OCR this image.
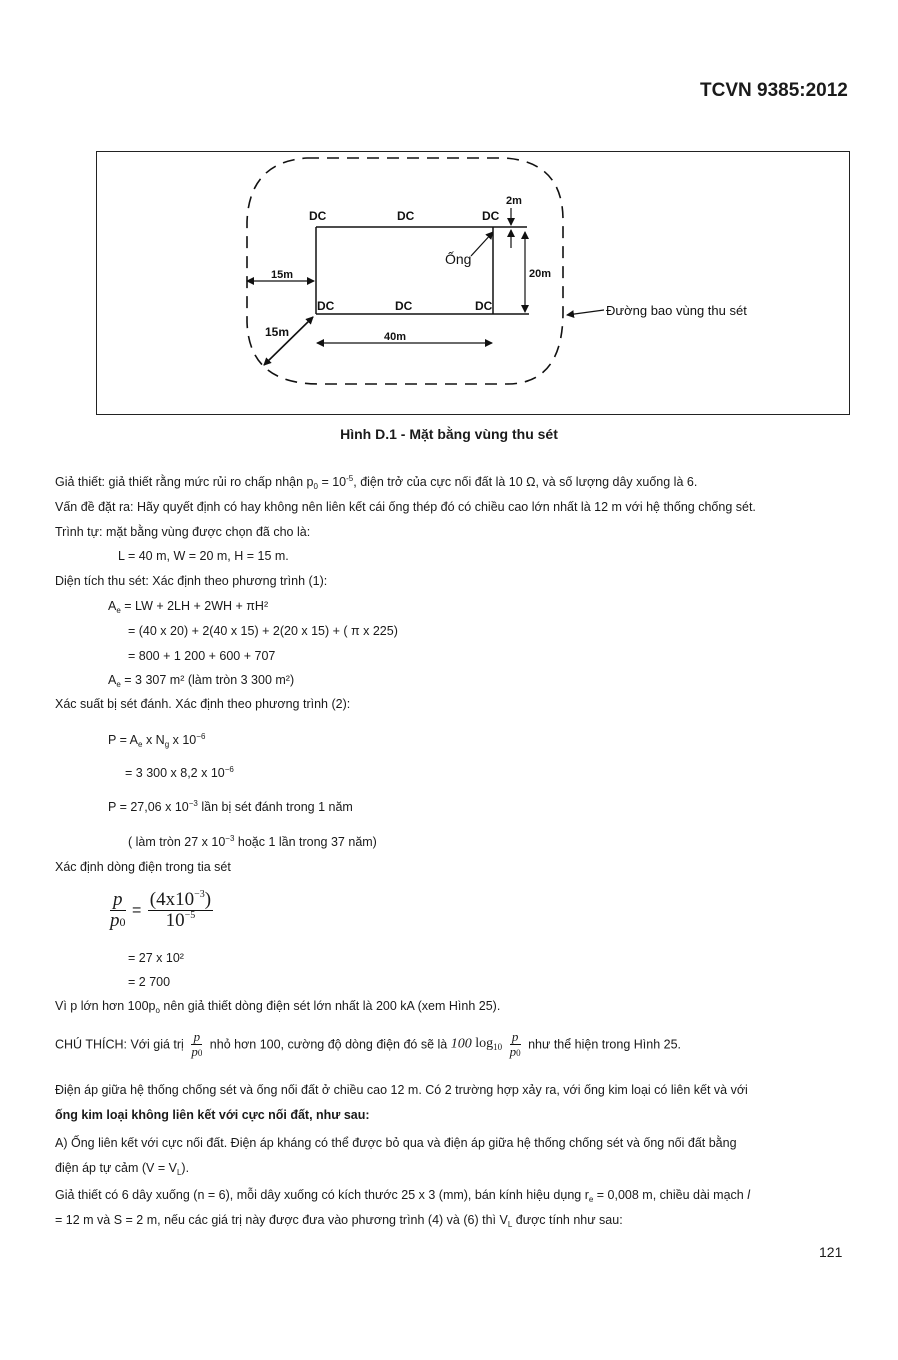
TCVN 9385:2012
DC	DC	DC
DC	DC	DC
Ống
2m
20m
15m
15m	40m
Đường bao vùng thu sét
Hình D.1 - Mặt bằng vùng thu sét
Giả thiết: giả thiết rằng mức rủi ro chấp nhận $p_0 = 10^{-5}$, điện trở của cực nối đất là 10 Ω, và số lượng dây xuống là 6.
Vấn đề đặt ra: Hãy quyết định có hay không nên liên kết cái ống thép đó có chiều cao lớn nhất là 12 m với hệ thống chống sét.
Trình tự: mặt bằng vùng được chọn đã cho là:
L = 40 m, W = 20 m, H = 15 m.
Diện tích thu sét: Xác định theo phương trình (1):
$A_e$ = LW + 2LH + 2WH + πH²
= (40 x 20) + 2(40 x 15) + 2(20 x 15) + ( π x 225)
= 800 + 1 200 + 600 + 707
$A_e = 3$ 307 m² (làm tròn 3 300 m²)
Xác suất bị sét đánh. Xác định theo phương trình (2):
$P = A_e$ x $N_g$ x $10^{-6}$
= 3 300 x 8,2 x $10^{-6}$
P = 27,06 x $10^{-3}$ lần bị sét đánh trong 1 năm
( làm tròn 27 x $10^{-3}$ hoặc 1 lần trong 37 năm)
Xác định dòng điện trong tia sét
$\frac{p}{p0} = \frac{(4x10^{-3})}{10^{-5}}$
= 27 x 10²
= 2 700
Vì p lớn hơn $100p_o$ nên giả thiết dòng điện sét lớn nhất là 200 kA (xem Hình 25).
CHÚ THÍCH: Với giá trị $\frac{p}{p0}$ nhỏ hơn 100, cường độ dòng điện đó sẽ là 100 $\log_{10} \frac{p}{p0}$ như thể hiện trong Hình 25.
Điện áp giữa hệ thống chống sét và ống nối đất ở chiều cao 12 m. Có 2 trường hợp xảy ra, với ống kim loại có liên kết và với
ống kim loại không liên kết với cực nối đất, như sau:
A) Ống liên kết với cực nối đất. Điện áp kháng có thể được bỏ qua và điện áp giữa hệ thống chống sét và ống nối đất bằng
điện áp tự cảm $(V = V_L)$.
Giả thiết có 6 dây xuống (n = 6), mỗi dây xuống có kích thước 25 x 3 (mm), bán kính hiệu dụng $r_e = 0,008$ m, chiều dài mạch l
= 12 m và S = 2 m, nếu các giá trị này được đưa vào phương trình (4) và (6) thì $V_L$ được tính như sau:
121
